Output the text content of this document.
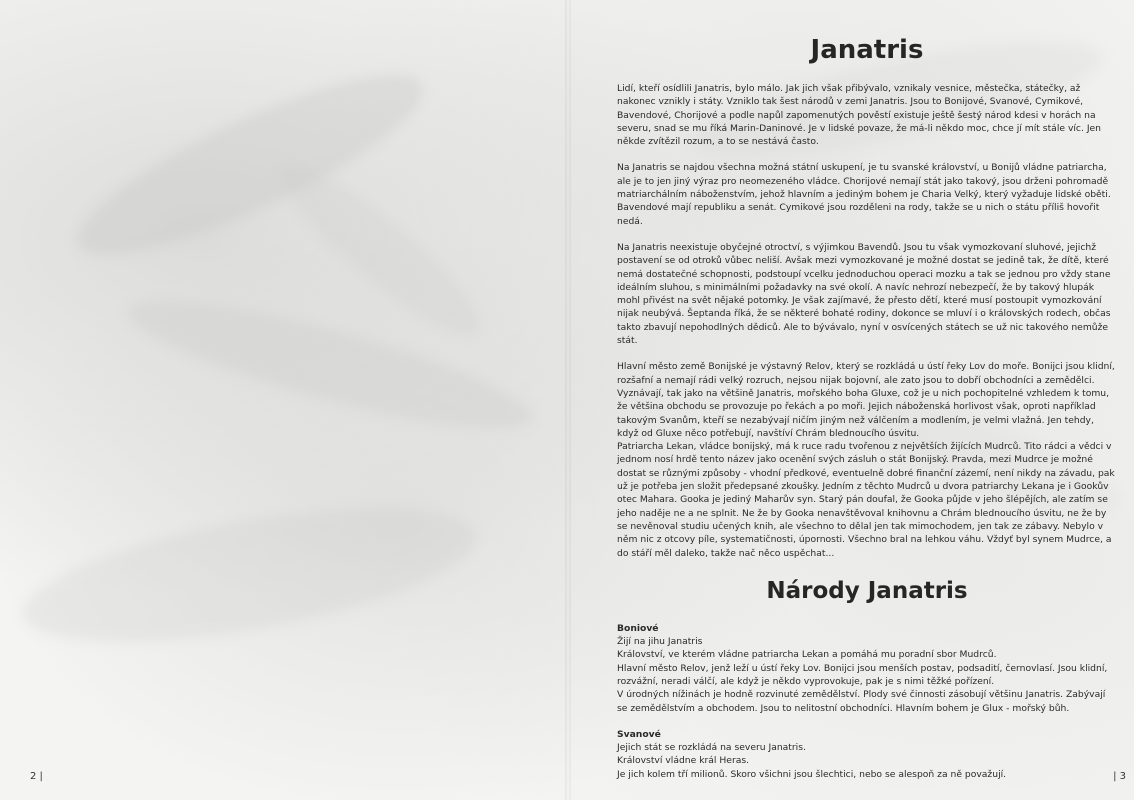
2 |
Janatris

Lidí, kteří osídlili Janatris, bylo málo. Jak jich však přibývalo, vznikaly vesnice, městečka, státečky, až nakonec vznikly i státy. Vzniklo tak šest národů v zemi Janatris. Jsou to Bonijové, Svanové, Cymikové, Bavendové, Chorijové a podle napůl zapomenutých pověstí existuje ještě šestý národ kdesi v horách na severu, snad se mu říká Marin-Daninové. Je v lidské povaze, že má-li někdo moc, chce jí mít stále víc. Jen někde zvítězil rozum, a to se nestává často.

Na Janatris se najdou všechna možná státní uskupení, je tu svanské království, u Bonijů vládne patriarcha, ale je to jen jiný výraz pro neomezeného vládce. Chorijové nemají stát jako takový, jsou drženi pohromadě matriarchálním náboženstvím, jehož hlavním a jediným bohem je Charia Velký, který vyžaduje lidské oběti. Bavendové mají republiku a senát. Cymikové jsou rozděleni na rody, takže se u nich o státu příliš hovořit nedá.

Na Janatris neexistuje obyčejné otroctví, s výjimkou Bavendů. Jsou tu však vymozkovaní sluhové, jejichž postavení se od otroků vůbec neliší. Avšak mezi vymozkované je možné dostat se jedině tak, že dítě, které nemá dostatečné schopnosti, podstoupí vcelku jednoduchou operaci mozku a tak se jednou pro vždy stane ideálním sluhou, s minimálními požadavky na své okolí. A navíc nehrozí nebezpečí, že by takový hlupák mohl přivést na svět nějaké potomky. Je však zajímavé, že přesto dětí, které musí postoupit vymozkování nijak neubývá. Šeptanda říká, že se některé bohaté rodiny, dokonce se mluví i o královských rodech, občas takto zbavují nepohodlných dědiců. Ale to bývávalo, nyní v osvícených státech se už nic takového nemůže stát.

Hlavní město země Bonijské je výstavný Relov, který se rozkládá u ústí řeky Lov do moře. Bonijci jsou klidní, rozšafní a nemají rádi velký rozruch, nejsou nijak bojovní, ale zato jsou to dobří obchodníci a zemědělci. Vyznávají, tak jako na většině Janatris, mořského boha Gluxe, což je u nich pochopitelné vzhledem k tomu, že většina obchodu se provozuje po řekách a po moři. Jejich náboženská horlivost však, oproti například takovým Svanům, kteří se nezabývají ničím jiným než válčením a modlením, je velmi vlažná. Jen tehdy, když od Gluxe něco potřebují, navštíví Chrám blednoucího úsvitu.

Patriarcha Lekan, vládce bonijský, má k ruce radu tvořenou z největších žijících Mudrců. Tito rádci a vědci v jednom nosí hrdě tento název jako ocenění svých zásluh o stát Bonijský. Pravda, mezi Mudrce je možné dostat se různými způsoby - vhodní předkové, eventuelně dobré finanční zázemí, není nikdy na závadu, pak už je potřeba jen složit předepsané zkoušky. Jedním z těchto Mudrců u dvora patriarchy Lekana je i Gookův otec Mahara. Gooka je jediný Maharův syn. Starý pán doufal, že Gooka půjde v jeho šlépějích, ale zatím se jeho naděje ne a ne splnit. Ne že by Gooka nenavštěvoval knihovnu a Chrám blednoucího úsvitu, ne že by se nevěnoval studiu učených knih, ale všechno to dělal jen tak mimochodem, jen tak ze zábavy. Nebylo v něm nic z otcovy píle, systematičnosti, úpornosti. Všechno bral na lehkou váhu. Vždyť byl synem Mudrce, a do stáří měl daleko, takže nač něco uspěchat...

Národy Janatris

Boniové

Žijí na jihu Janatris

Království, ve kterém vládne patriarcha Lekan a pomáhá mu poradní sbor Mudrců.

Hlavní město Relov, jenž leží u ústí řeky Lov. Bonijci jsou menších postav, podsadití, černovlasí. Jsou klidní, rozvážní, neradi válčí, ale když je někdo vyprovokuje, pak je s nimi těžké pořízení.

V úrodných nížinách je hodně rozvinuté zemědělství. Plody své činnosti zásobují většinu Janatris. Zabývají se zemědělstvím a obchodem. Jsou to nelitostní obchodníci. Hlavním bohem je Glux - mořský bůh.

Svanové

Jejich stát se rozkládá na severu Janatris.

Království vládne král Heras.

Je jich kolem tří milionů. Skoro všichni jsou šlechtici, nebo se alespoň za ně považují.	| 3
